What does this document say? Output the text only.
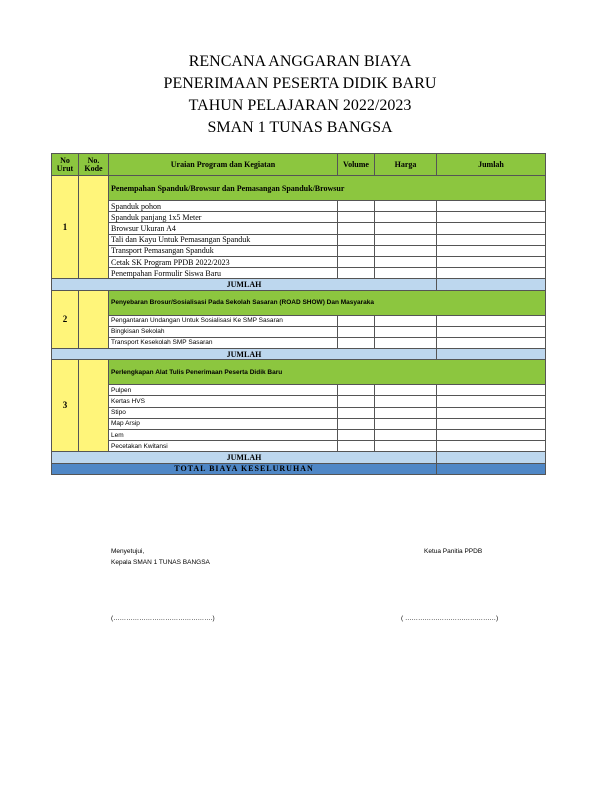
RENCANA ANGGARAN BIAYA
PENERIMAAN PESERTA DIDIK BARU
TAHUN PELAJARAN 2022/2023
SMAN 1 TUNAS BANGSA
No Urut	No. Kode	Uraian Program dan Kegiatan	Volume	Harga	Jumlah
1		Penempahan Spanduk/Browsur dan Pemasangan Spanduk/Browsur			
		Spanduk pohon			
		Spanduk panjang 1x5 Meter			
		Browsur Ukuran A4			
		Tali dan Kayu Untuk Pemasangan Spanduk			
		Transport Pemasangan Spanduk			
		Cetak SK Program PPDB 2022/2023			
		Penempahan Formulir Siswa Baru			
JUMLAH					
2		Penyebaran Brosur/Sosialisasi Pada Sekolah Sasaran (ROAD SHOW) Dan Masyaraka			
		Pengantaran Undangan Untuk Sosialisasi Ke SMP Sasaran			
		Bingkisan Sekolah			
		Transport Kesekolah SMP Sasaran			
JUMLAH					
3		Perlengkapan Alat Tulis Penerimaan Peserta Didik Baru			
		Pulpen			
		Kertas HVS			
		Stipo			
		Map Arsip			
		Lem			
		Pecetakan Kwitansi			
JUMLAH					
TOTAL BIAYA KESELURUHAN					
Menyetujui,
Kepala SMAN 1 TUNAS BANGSA
Ketua Panitia PPDB
(……………………………………….)	( ……………………………………)
